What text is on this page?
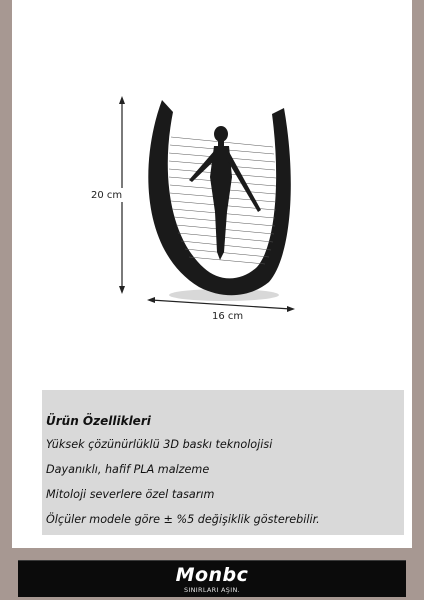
20 cm
16 cm
Ürün Özellikleri
Yüksek çözünürlüklü 3D baskı teknolojisi
Dayanıklı, hafif PLA malzeme
Mitoloji severlere özel tasarım
Ölçüler modele göre ± %5 değişiklik gösterebilir.
Monbc
SINIRLARI AŞIN.
